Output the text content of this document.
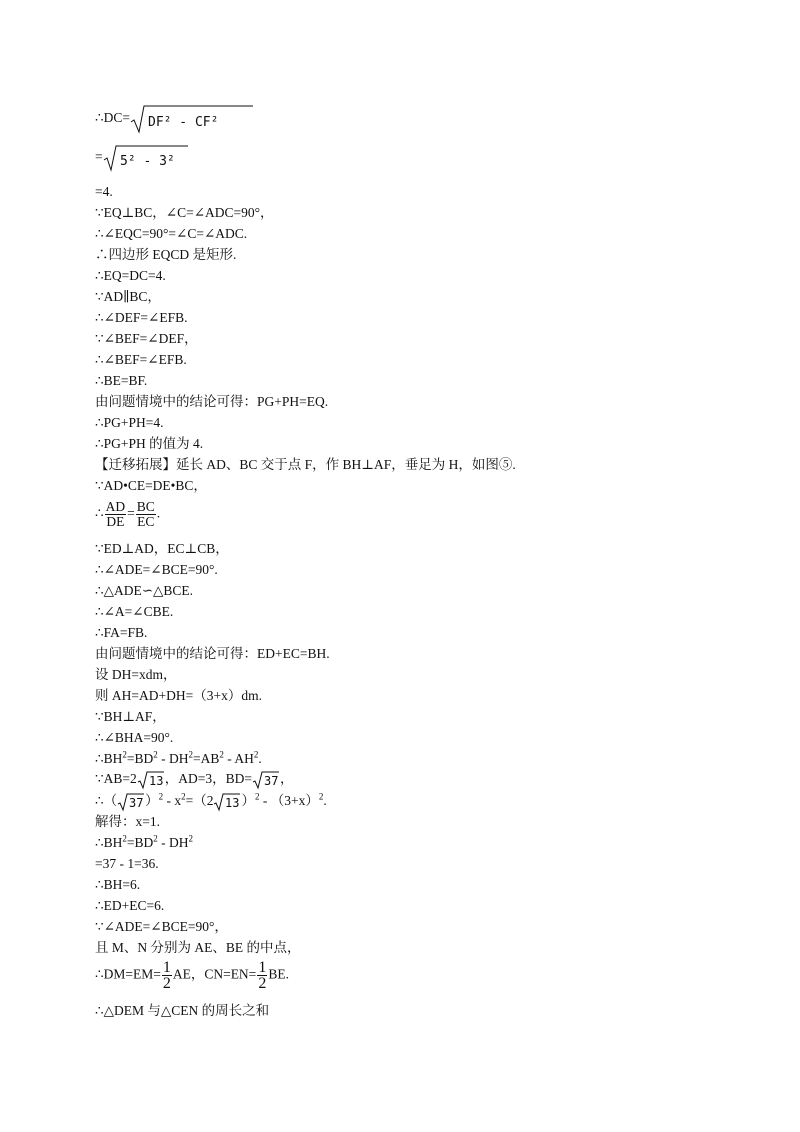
∴DC= DF² - CF²
= 5² - 3²
=4.
∵EQ⊥BC，∠C=∠ADC=90°，
∴∠EQC=90°=∠C=∠ADC.
∴四边形 EQCD 是矩形.
∴EQ=DC=4.
∵AD∥BC，
∴∠DEF=∠EFB.
∵∠BEF=∠DEF，
∴∠BEF=∠EFB.
∴BE=BF.
由问题情境中的结论可得：PG+PH=EQ.
∴PG+PH=4.
∴PG+PH 的值为 4.
【迁移拓展】延长 AD、BC 交于点 F，作 BH⊥AF，垂足为 H，如图⑤.
∵AD•CE=DE•BC，
∴ $\frac{AD}{DE} = \frac{BC}{EC}$ .
∵ED⊥AD，EC⊥CB，
∴∠ADE=∠BCE=90°.
∴△ADE∽△BCE.
∴∠A=∠CBE.
∴FA=FB.
由问题情境中的结论可得：ED+EC=BH.
设 DH=xdm，
则 AH=AD+DH=（3+x）dm.
∵BH⊥AF，
∴∠BHA=90°.
$\therefore BH^2=BD^2 - DH^2=AB^2 - AH^2$.
∵AB=2 13 ，AD=3，BD= 37 ，
∴（ 37 ）$^2 - x^2=(2$ 13 ）$^2 - (3+x)^2$.
解得：x=1.
$\therefore BH^2=BD^2 - DH^2$
=37 - 1=36.
∴BH=6.
∴ED+EC=6.
∵∠ADE=∠BCE=90°，
且 M、N 分别为 AE、BE 的中点，
∴DM=EM= $\frac{1}{2}$ AE，$CN=EN= \frac{1}{2}$ BE.
∴△DEM 与△CEN 的周长之和
